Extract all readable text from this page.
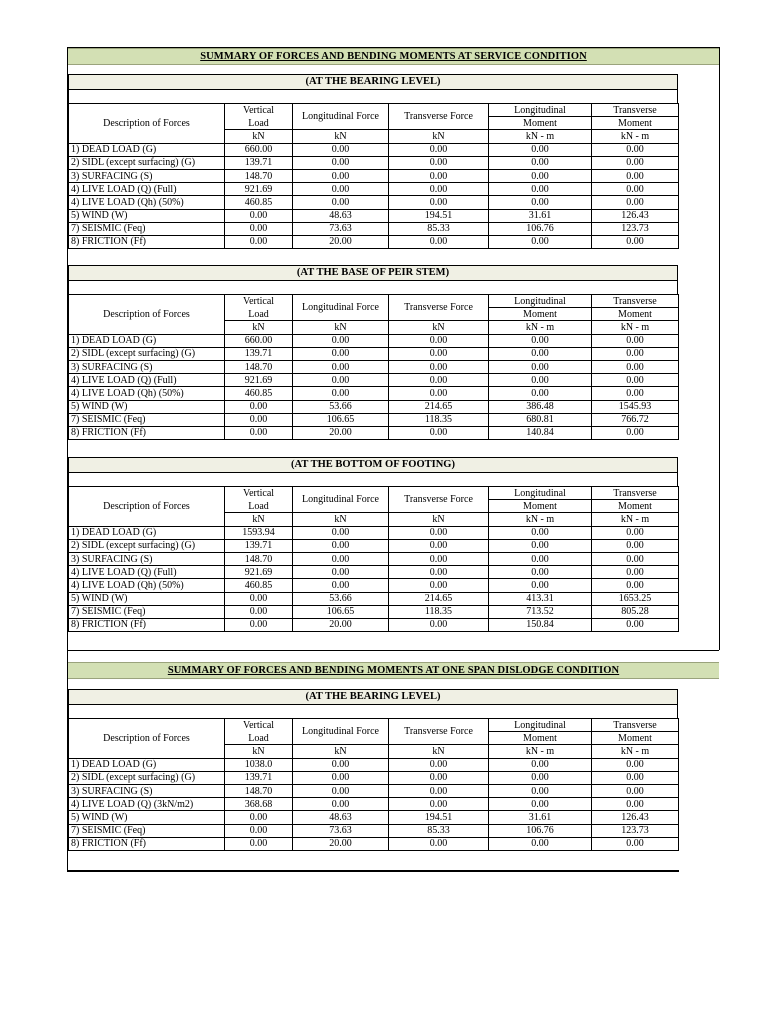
SUMMARY OF FORCES AND BENDING MOMENTS AT SERVICE CONDITION
(AT THE BEARING LEVEL)
Description of Forces	Vertical	Longitudinal Force	Transverse Force	Longitudinal	Transverse
	Load			Moment	Moment
	kN	kN	kN	kN - m	kN - m
1) DEAD LOAD (G)	660.00	0.00	0.00	0.00	0.00
2) SIDL (except surfacing) (G)	139.71	0.00	0.00	0.00	0.00
3) SURFACING (S)	148.70	0.00	0.00	0.00	0.00
4) LIVE LOAD (Q) (Full)	921.69	0.00	0.00	0.00	0.00
4) LIVE LOAD (Qh) (50%)	460.85	0.00	0.00	0.00	0.00
5) WIND (W)	0.00	48.63	194.51	31.61	126.43
7) SEISMIC (Feq)	0.00	73.63	85.33	106.76	123.73
8) FRICTION (Ff)	0.00	20.00	0.00	0.00	0.00
(AT THE BASE OF PEIR STEM)
Description of Forces	Vertical	Longitudinal Force	Transverse Force	Longitudinal	Transverse
	Load			Moment	Moment
	kN	kN	kN	kN - m	kN - m
1) DEAD LOAD (G)	660.00	0.00	0.00	0.00	0.00
2) SIDL (except surfacing) (G)	139.71	0.00	0.00	0.00	0.00
3) SURFACING (S)	148.70	0.00	0.00	0.00	0.00
4) LIVE LOAD (Q) (Full)	921.69	0.00	0.00	0.00	0.00
4) LIVE LOAD (Qh) (50%)	460.85	0.00	0.00	0.00	0.00
5) WIND (W)	0.00	53.66	214.65	386.48	1545.93
7) SEISMIC (Feq)	0.00	106.65	118.35	680.81	766.72
8) FRICTION (Ff)	0.00	20.00	0.00	140.84	0.00
(AT THE BOTTOM OF FOOTING)
Description of Forces	Vertical	Longitudinal Force	Transverse Force	Longitudinal	Transverse
	Load			Moment	Moment
	kN	kN	kN	kN - m	kN - m
1) DEAD LOAD (G)	1593.94	0.00	0.00	0.00	0.00
2) SIDL (except surfacing) (G)	139.71	0.00	0.00	0.00	0.00
3) SURFACING (S)	148.70	0.00	0.00	0.00	0.00
4) LIVE LOAD (Q) (Full)	921.69	0.00	0.00	0.00	0.00
4) LIVE LOAD (Qh) (50%)	460.85	0.00	0.00	0.00	0.00
5) WIND (W)	0.00	53.66	214.65	413.31	1653.25
7) SEISMIC (Feq)	0.00	106.65	118.35	713.52	805.28
8) FRICTION (Ff)	0.00	20.00	0.00	150.84	0.00
SUMMARY OF FORCES AND BENDING MOMENTS AT ONE SPAN DISLODGE CONDITION
(AT THE BEARING LEVEL)
Description of Forces	Vertical	Longitudinal Force	Transverse Force	Longitudinal	Transverse
	Load			Moment	Moment
	kN	kN	kN	kN - m	kN - m
1) DEAD LOAD (G)	1038.0	0.00	0.00	0.00	0.00
2) SIDL (except surfacing) (G)	139.71	0.00	0.00	0.00	0.00
3) SURFACING (S)	148.70	0.00	0.00	0.00	0.00
4) LIVE LOAD (Q) (3kN/m2)	368.68	0.00	0.00	0.00	0.00
5) WIND (W)	0.00	48.63	194.51	31.61	126.43
7) SEISMIC (Feq)	0.00	73.63	85.33	106.76	123.73
8) FRICTION (Ff)	0.00	20.00	0.00	0.00	0.00
